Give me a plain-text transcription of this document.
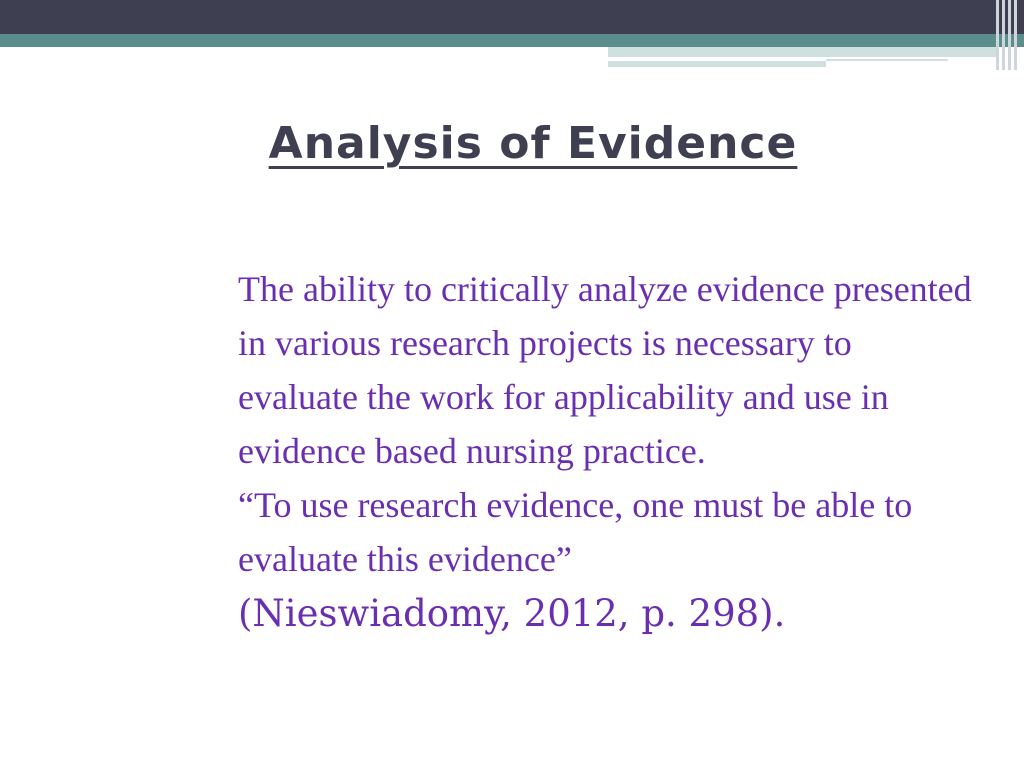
Analysis of Evidence

The ability to critically analyze evidence presented in various research projects is necessary to evaluate the work for applicability and use in evidence based nursing practice.

“To use research evidence, one must be able to evaluate this evidence”

(Nieswiadomy, 2012, p. 298).
